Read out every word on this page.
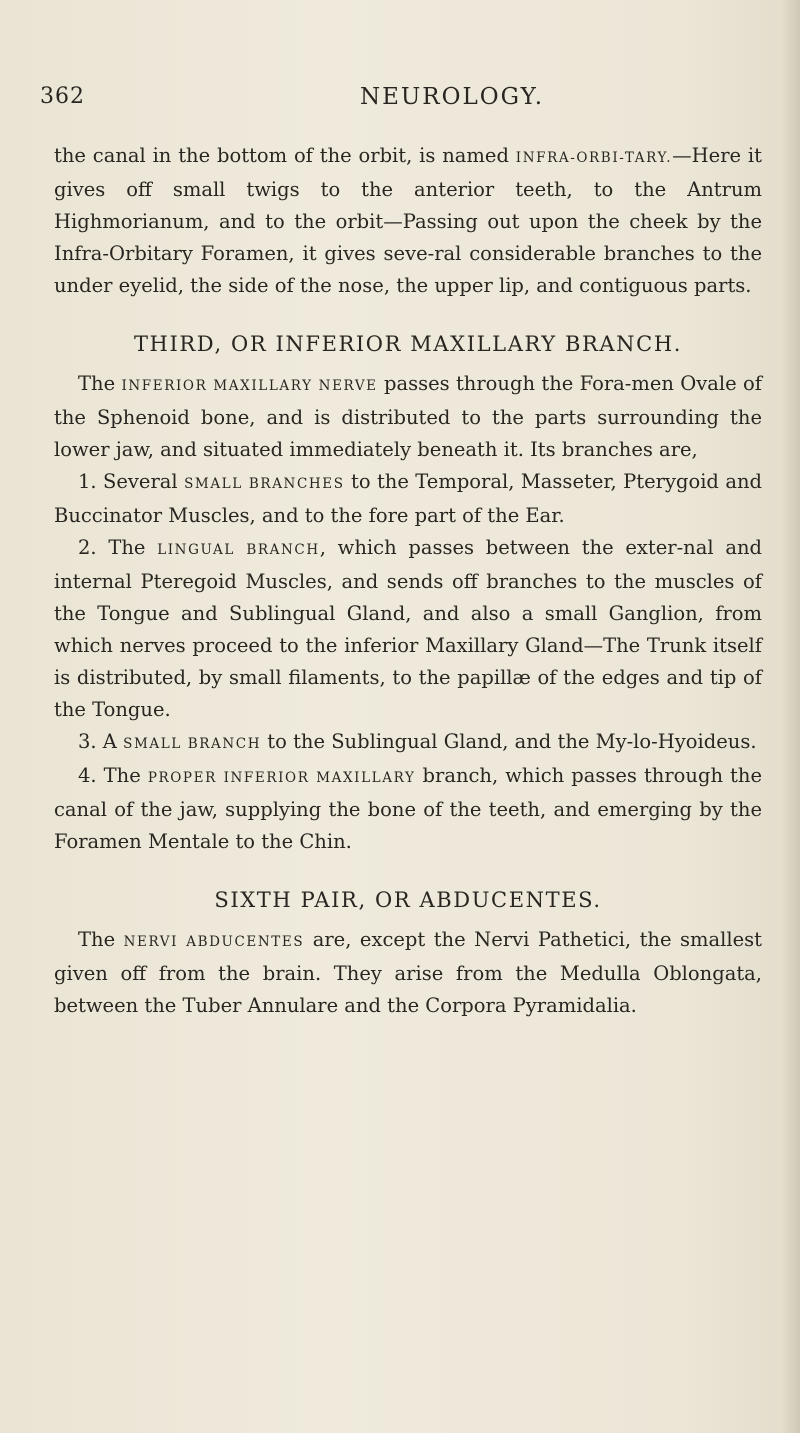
362	NEUROLOGY.

the canal in the bottom of the orbit, is named INFRA-ORBI-TARY.—Here it gives off small twigs to the anterior teeth, to the Antrum Highmorianum, and to the orbit—Passing out upon the cheek by the Infra-Orbitary Foramen, it gives seve-ral considerable branches to the under eyelid, the side of the nose, the upper lip, and contiguous parts.

THIRD, OR INFERIOR MAXILLARY BRANCH.

The INFERIOR MAXILLARY NERVE passes through the Fora-men Ovale of the Sphenoid bone, and is distributed to the parts surrounding the lower jaw, and situated immediately beneath it. Its branches are,

1. Several SMALL BRANCHES to the Temporal, Masseter, Pterygoid and Buccinator Muscles, and to the fore part of the Ear.

2. The LINGUAL BRANCH, which passes between the exter-nal and internal Pteregoid Muscles, and sends off branches to the muscles of the Tongue and Sublingual Gland, and also a small Ganglion, from which nerves proceed to the inferior Maxillary Gland—The Trunk itself is distributed, by small filaments, to the papillæ of the edges and tip of the Tongue.

3. A SMALL BRANCH to the Sublingual Gland, and the My-lo-Hyoideus.

4. The PROPER INFERIOR MAXILLARY branch, which passes through the canal of the jaw, supplying the bone of the teeth, and emerging by the Foramen Mentale to the Chin.

SIXTH PAIR, OR ABDUCENTES.

The NERVI ABDUCENTES are, except the Nervi Pathetici, the smallest given off from the brain. They arise from the Medulla Oblongata, between the Tuber Annulare and the Corpora Pyramidalia.
